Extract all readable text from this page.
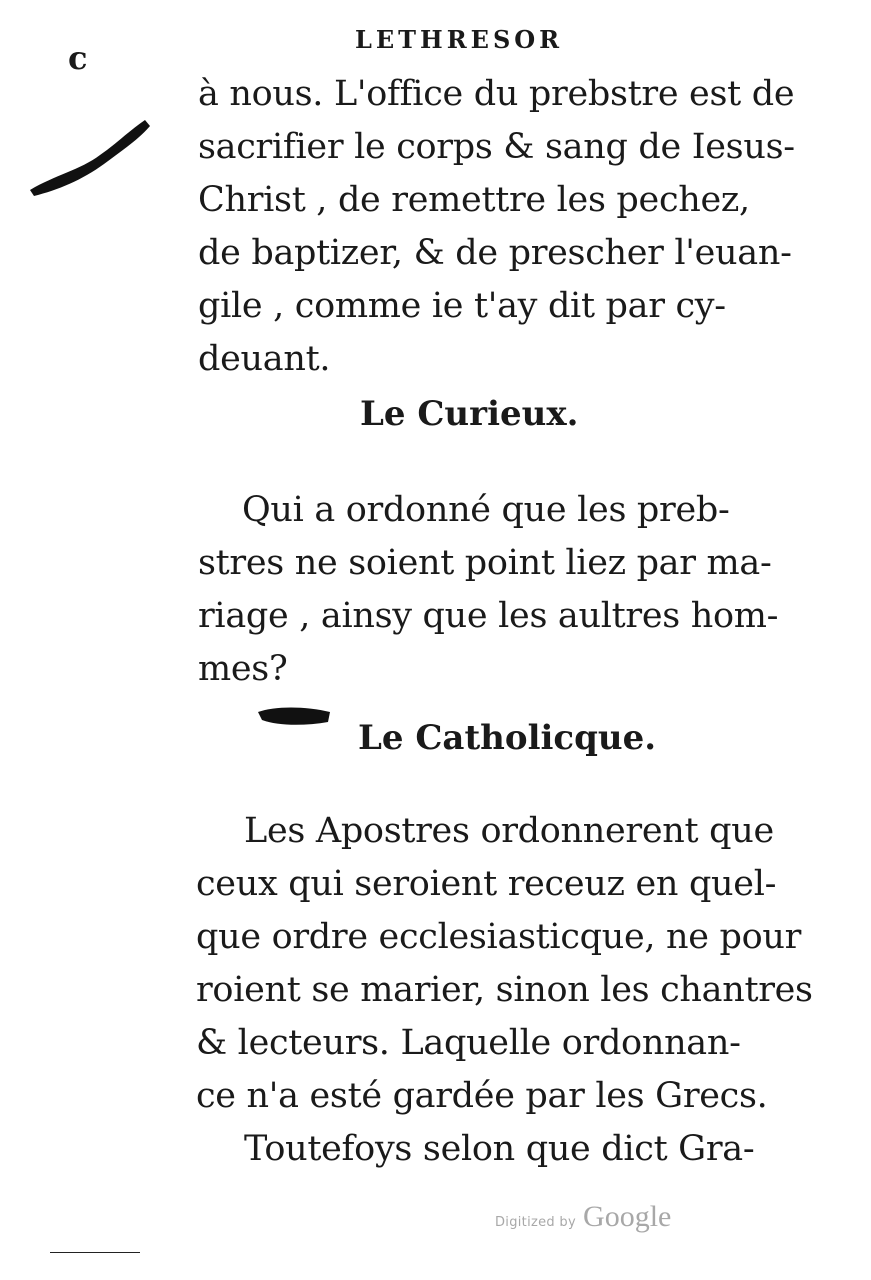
c	LETHRESOR
à nous. L'office du prebstre est de
sacrifier le corps & sang de Iesus-
Christ , de remettre les pechez,
de baptizer, & de prescher l'euan-
gile , comme ie t'ay dit par cy-
deuant.
Le Curieux.
Qui a ordonné que les preb-
stres ne soient point liez par ma-
riage , ainsy que les aultres hom-
mes?
Le Catholicque.
Les Apostres ordonnerent que
ceux qui seroient receuz en quel-
que ordre ecclesiasticque, ne pour
roient se marier, sinon les chantres
& lecteurs. Laquelle ordonnan-
ce n'a esté gardée par les Grecs.
Toutefoys selon que dict Gra-
Digitized by Google
